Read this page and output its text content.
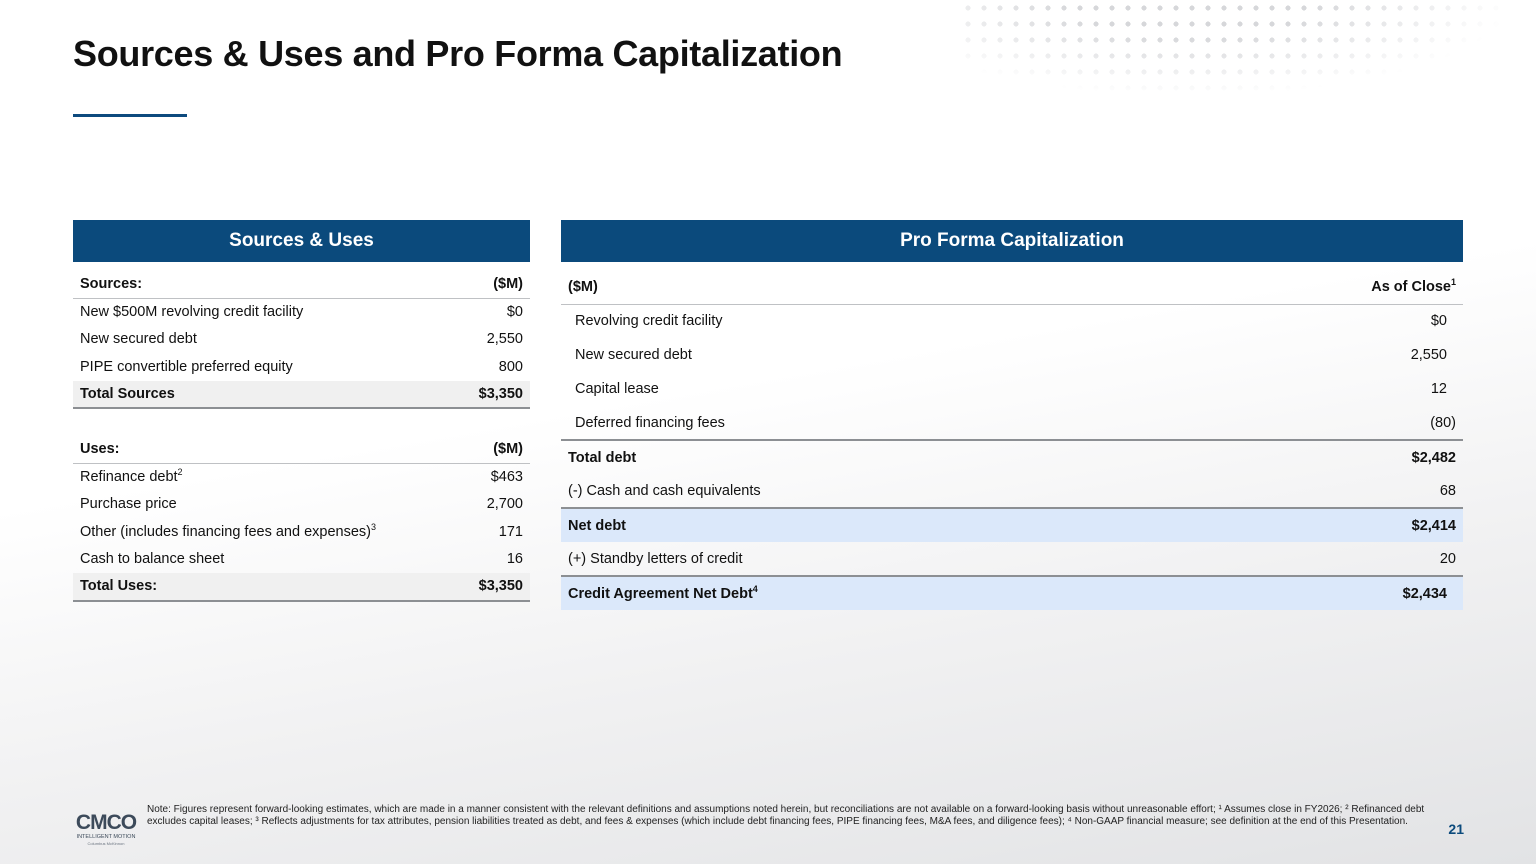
Sources & Uses and Pro Forma Capitalization
Sources & Uses
Sources:	($M)
New $500M revolving credit facility	$0
New secured debt	2,550
PIPE convertible preferred equity	800
Total Sources	$3,350

Uses:	($M)
Refinance debt$^2$	$463
Purchase price	2,700
Other (includes financing fees and expenses)$^3$	171
Cash to balance sheet	16
Total Uses:	$3,350
Pro Forma Capitalization
($M)	As of Close$^1$
Revolving credit facility	$0
New secured debt	2,550
Capital lease	12
Deferred financing fees	(80)
Total debt	$2,482
(-) Cash and cash equivalents	68
Net debt	$2,414
(+) Standby letters of credit	20
Credit Agreement Net Debt$^4$	$2,434
CMCO
INTELLIGENT MOTION
Columbus McKinnon
Note: Figures represent forward-looking estimates, which are made in a manner consistent with the relevant definitions and assumptions noted herein, but reconciliations are not available on a forward-looking basis without unreasonable effort; ¹ Assumes close in FY2026; ² Refinanced debt excludes capital leases; ³ Reflects adjustments for tax attributes, pension liabilities treated as debt, and fees & expenses (which include debt financing fees, PIPE financing fees, M&A fees, and diligence fees); ⁴ Non-GAAP financial measure; see definition at the end of this Presentation.	21
